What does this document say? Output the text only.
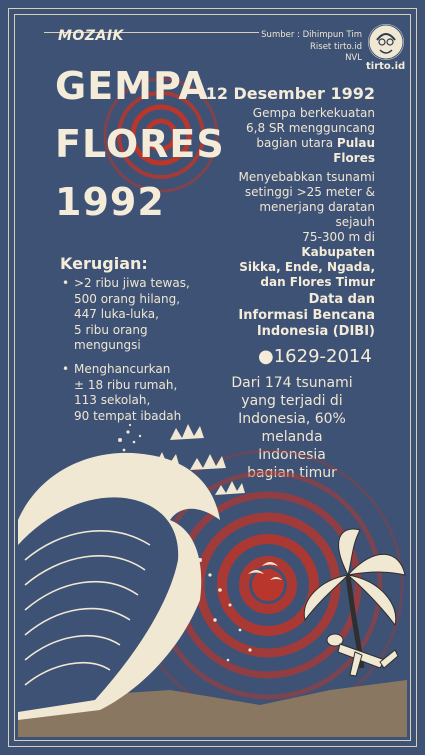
MOZAIK	Sumber : Dihimpun Tim
Riset tirto.id
NVL
tirto.id
GEMPA
FLORES
1992
Kerugian:
• >2 ribu jiwa tewas,
500 orang hilang,
447 luka-luka,
5 ribu orang
mengungsi
• Menghancurkan
± 18 ribu rumah,
113 sekolah,
90 tempat ibadah
12 Desember 1992
Gempa berkekuatan
6,8 SR mengguncang
bagian utara Pulau
Flores
Menyebabkan tsunami
setinggi >25 meter &
menerjang daratan sejauh
75-300 m di Kabupaten
Sikka, Ende, Ngada,
dan Flores Timur
Data dan
Informasi Bencana
Indonesia (DIBI)
●1629-2014
Dari 174 tsunami
yang terjadi di
Indonesia, 60%
melanda
Indonesia
bagian timur
